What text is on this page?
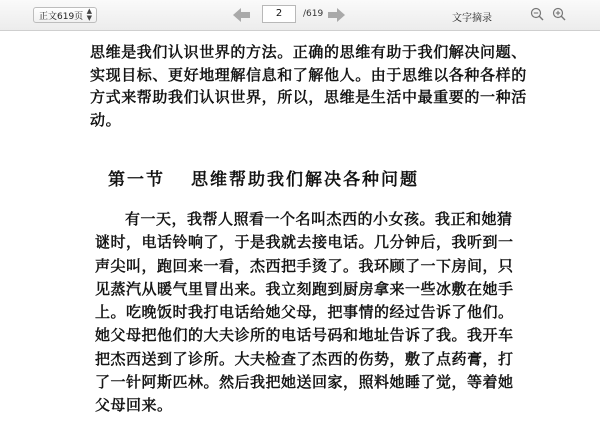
正文619页
▲
▼	2	/619	文字摘录

思维是我们认识世界的方法。正确的思维有助于我们解决问题、实现目标、更好地理解信息和了解他人。由于思维以各种各样的方式来帮助我们认识世界，所以，思维是生活中最重要的一种活动。

第一节 思维帮助我们解决各种问题

有一天，我帮人照看一个名叫杰西的小女孩。我正和她猜谜时，电话铃响了，于是我就去接电话。几分钟后，我听到一声尖叫，跑回来一看，杰西把手烫了。我环顾了一下房间，只见蒸汽从暖气里冒出来。我立刻跑到厨房拿来一些冰敷在她手上。吃晚饭时我打电话给她父母，把事情的经过告诉了他们。她父母把他们的大夫诊所的电话号码和地址告诉了我。我开车把杰西送到了诊所。大夫检查了杰西的伤势，敷了点药膏，打了一针阿斯匹林。然后我把她送回家，照料她睡了觉，等着她父母回来。
